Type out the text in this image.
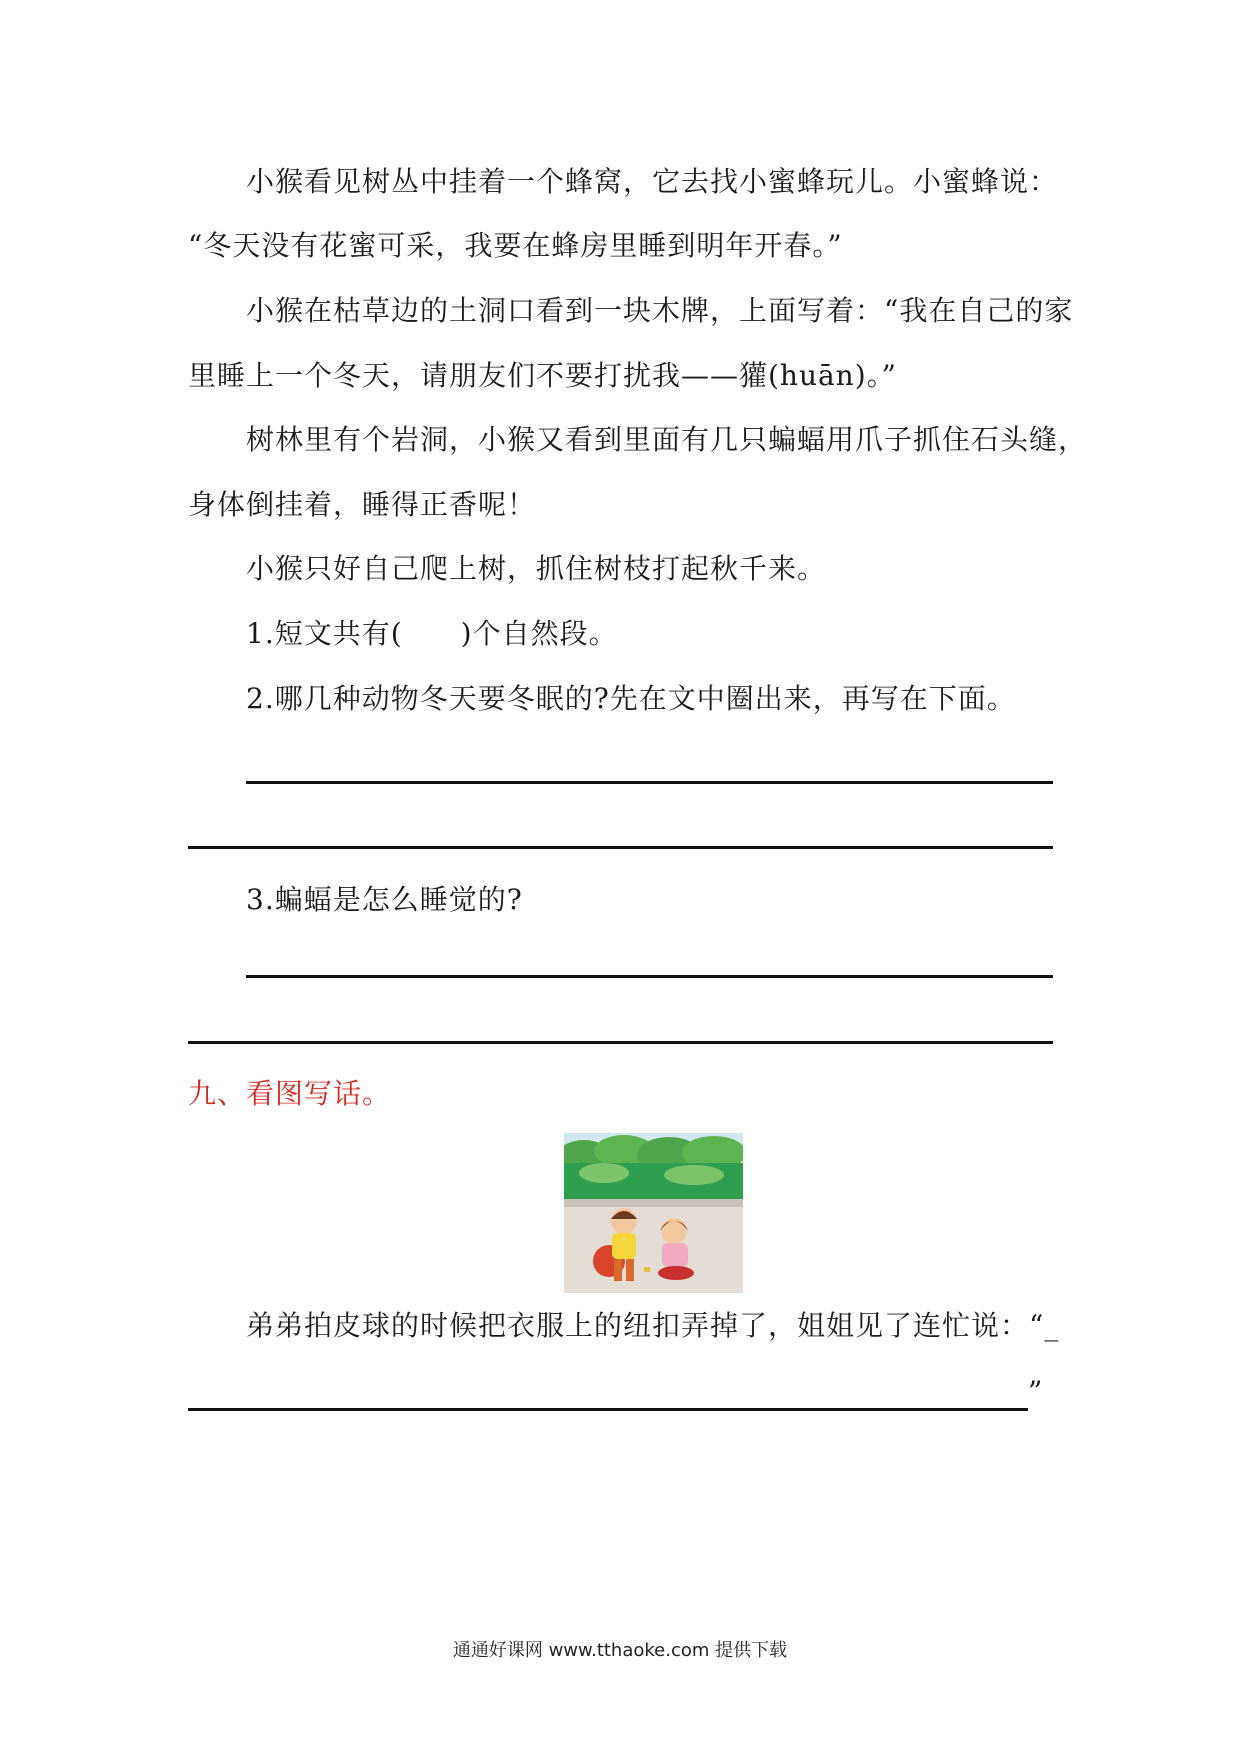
小猴看见树丛中挂着一个蜂窝，它去找小蜜蜂玩儿。小蜜蜂说：
“冬天没有花蜜可采，我要在蜂房里睡到明年开春。”
小猴在枯草边的土洞口看到一块木牌，上面写着：“我在自己的家
里睡上一个冬天，请朋友们不要打扰我——獾(huān)。”
树林里有个岩洞，小猴又看到里面有几只蝙蝠用爪子抓住石头缝，
身体倒挂着，睡得正香呢！
小猴只好自己爬上树，抓住树枝打起秋千来。
1.短文共有(　　)个自然段。
2.哪几种动物冬天要冬眠的?先在文中圈出来，再写在下面。
3.蝙蝠是怎么睡觉的?
九、看图写话。
弟弟拍皮球的时候把衣服上的纽扣弄掉了，姐姐见了连忙说：“_
”
通通好课网 www.tthaoke.com 提供下载
